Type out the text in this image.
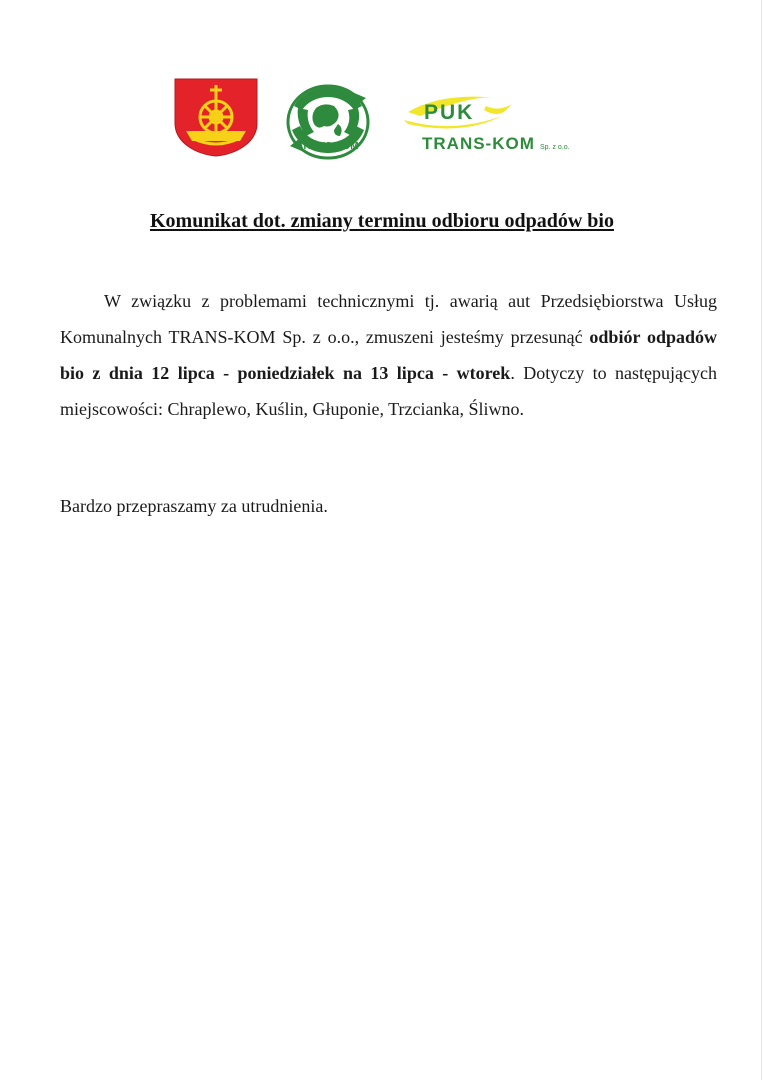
TRANS-KOM
PUK
TRANS-KOM Sp. z o.o.
Komunikat dot. zmiany terminu odbioru odpadów bio

W związku z problemami technicznymi tj. awarią aut Przedsiębiorstwa Usług Komunalnych TRANS-KOM Sp. z o.o., zmuszeni jesteśmy przesunąć odbiór odpadów bio z dnia 12 lipca - poniedziałek na 13 lipca - wtorek. Dotyczy to następujących miejscowości: Chraplewo, Kuślin, Głuponie, Trzcianka, Śliwno.

Bardzo przepraszamy za utrudnienia.
